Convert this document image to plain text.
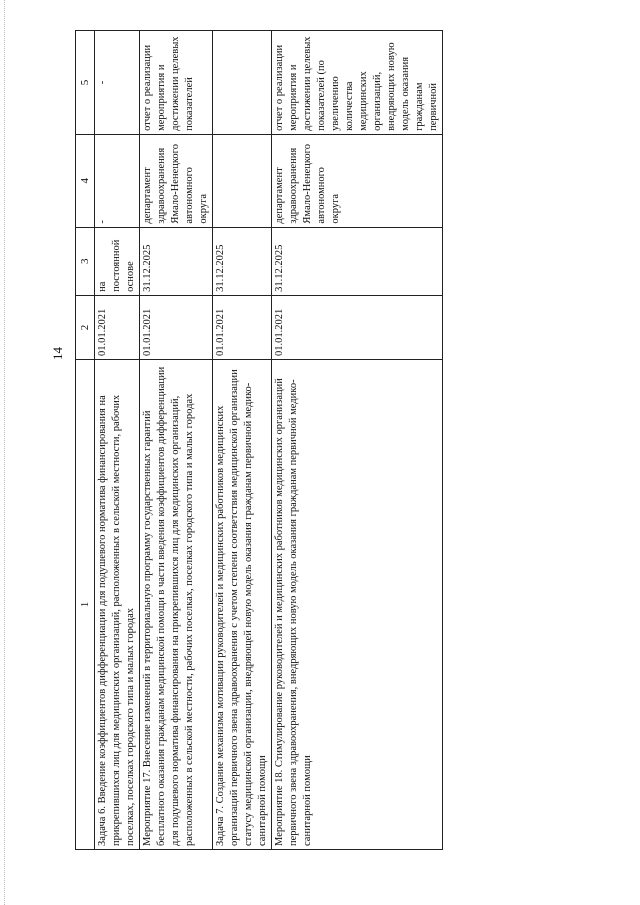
14
1	2	3	4	5
Задача 6. Введение коэффициентов дифференциации для подушевого норматива финансирования на прикрепившихся лиц для медицинских организаций, расположенных в сельской местности, рабочих поселках, поселках городского типа и малых городах	01.01.2021	на постоянной основе	-	-
Мероприятие 17. Внесение изменений в территориальную программу государственных гарантий бесплатного оказания гражданам медицинской помощи в части введения коэффициентов дифференциации для подушевого норматива финансирования на прикрепившихся лиц для медицинских организаций, расположенных в сельской местности, рабочих поселках, поселках городского типа и малых городах	01.01.2021	31.12.2025	департамент здравоохранения Ямало-Ненецкого автономного округа	отчет о реализации мероприятия и достижении целевых показателей
Задача 7. Создание механизма мотивации руководителей и медицинских работников медицинских организаций первичного звена здравоохранения с учетом степени соответствия медицинской организации статусу медицинской организации, внедряющей новую модель оказания гражданам первичной медико-санитарной помощи	01.01.2021	31.12.2025		
Мероприятие 18. Стимулирование руководителей и медицинских работников медицинских организаций первичного звена здравоохранения, внедряющих новую модель оказания гражданам первичной медико-санитарной помощи	01.01.2021	31.12.2025	департамент здравоохранения Ямало-Ненецкого автономного округа	отчет о реализации мероприятия и достижении целевых показателей (по увеличению количества медицинских организаций, внедряющих новую модель оказания гражданам первичной
